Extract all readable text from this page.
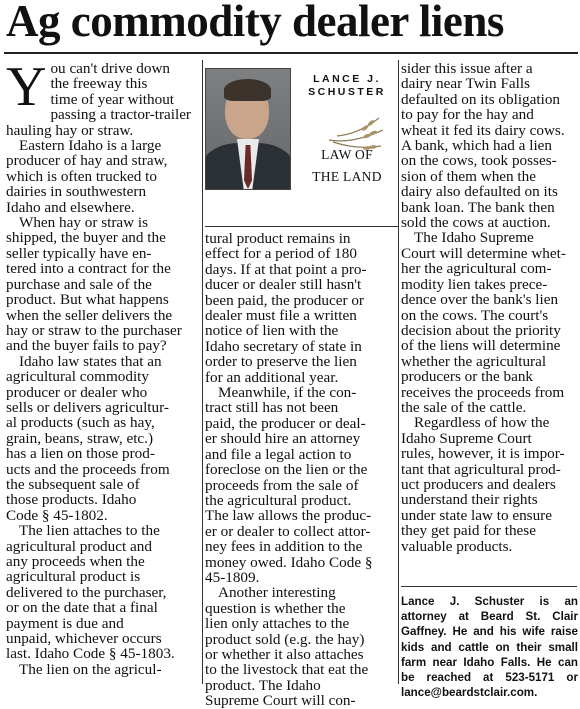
Ag commodity dealer liens

You can't drive down
the freeway this
time of year without
passing a tractor-trailer
hauling hay or straw.

Eastern Idaho is a large
producer of hay and straw,
which is often trucked to
dairies in southwestern
Idaho and elsewhere.

When hay or straw is
shipped, the buyer and the
seller typically have en-
tered into a contract for the
purchase and sale of the
product. But what happens
when the seller delivers the
hay or straw to the purchaser
and the buyer fails to pay?

Idaho law states that an
agricultural commodity
producer or dealer who
sells or delivers agricultur-
al products (such as hay,
grain, beans, straw, etc.)
has a lien on those prod-
ucts and the proceeds from
the subsequent sale of
those products. Idaho
Code § 45-1802.

The lien attaches to the
agricultural product and
any proceeds when the
agricultural product is
delivered to the purchaser,
or on the date that a final
payment is due and
unpaid, whichever occurs
last. Idaho Code § 45-1803.

The lien on the agricul-

LANCE J.
SCHUSTER
LAW OF
THE LAND

tural product remains in
effect for a period of 180
days. If at that point a pro-
ducer or dealer still hasn't
been paid, the producer or
dealer must file a written
notice of lien with the
Idaho secretary of state in
order to preserve the lien
for an additional year.

Meanwhile, if the con-
tract still has not been
paid, the producer or deal-
er should hire an attorney
and file a legal action to
foreclose on the lien or the
proceeds from the sale of
the agricultural product.
The law allows the produc-
er or dealer to collect attor-
ney fees in addition to the
money owed. Idaho Code §
45-1809.

Another interesting
question is whether the
lien only attaches to the
product sold (e.g. the hay)
or whether it also attaches
to the livestock that eat the
product. The Idaho
Supreme Court will con-

sider this issue after a
dairy near Twin Falls
defaulted on its obligation
to pay for the hay and
wheat it fed its dairy cows.
A bank, which had a lien
on the cows, took posses-
sion of them when the
dairy also defaulted on its
bank loan. The bank then
sold the cows at auction.

The Idaho Supreme
Court will determine whet-
her the agricultural com-
modity lien takes prece-
dence over the bank's lien
on the cows. The court's
decision about the priority
of the liens will determine
whether the agricultural
producers or the bank
receives the proceeds from
the sale of the cattle.

Regardless of how the
Idaho Supreme Court
rules, however, it is impor-
tant that agricultural prod-
uct producers and dealers
understand their rights
under state law to ensure
they get paid for these
valuable products.

Lance J. Schuster is an attorney at Beard St. Clair Gaffney. He and his wife raise kids and cattle on their small farm near Idaho Falls. He can be reached at 523-5171 or lance@beardstclair.com.
